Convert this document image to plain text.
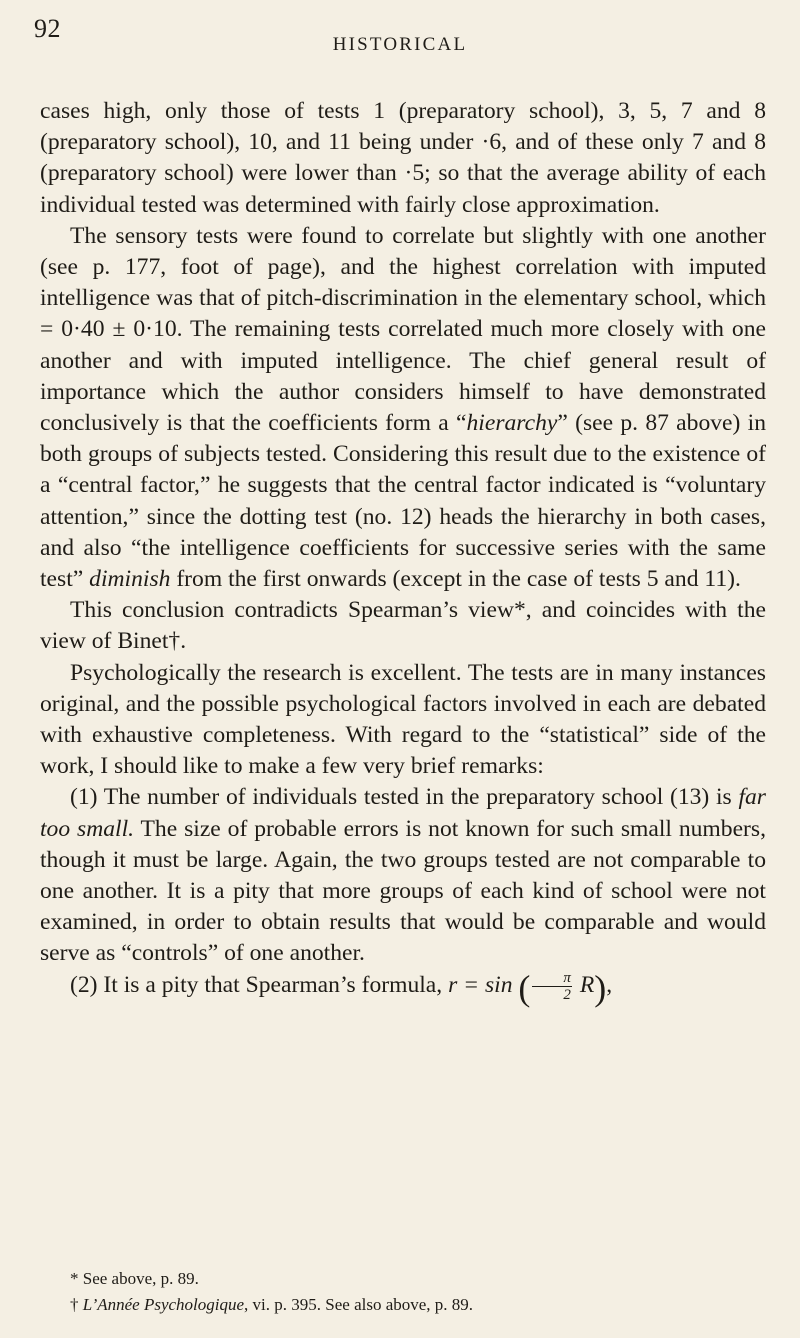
92
HISTORICAL

cases high, only those of tests 1 (preparatory school), 3, 5, 7 and 8 (preparatory school), 10, and 11 being under ·6, and of these only 7 and 8 (preparatory school) were lower than ·5; so that the average ability of each individual tested was determined with fairly close approximation.

The sensory tests were found to correlate but slightly with one another (see p. 177, foot of page), and the highest correlation with imputed intelligence was that of pitch-discrimination in the elementary school, which = 0·40 ± 0·10. The remaining tests correlated much more closely with one another and with imputed intelligence. The chief general result of importance which the author considers himself to have demonstrated conclusively is that the coefficients form a “hierarchy” (see p. 87 above) in both groups of subjects tested. Considering this result due to the existence of a “central factor,” he suggests that the central factor indicated is “voluntary attention,” since the dotting test (no. 12) heads the hierarchy in both cases, and also “the intelligence coefficients for successive series with the same test” diminish from the first onwards (except in the case of tests 5 and 11).

This conclusion contradicts Spearman’s view*, and coincides with the view of Binet†.

Psychologically the research is excellent. The tests are in many instances original, and the possible psychological factors involved in each are debated with exhaustive completeness. With regard to the “statistical” side of the work, I should like to make a few very brief remarks:

(1) The number of individuals tested in the preparatory school (13) is far too small. The size of probable errors is not known for such small numbers, though it must be large. Again, the two groups tested are not comparable to one another. It is a pity that more groups of each kind of school were not examined, in order to obtain results that would be comparable and would serve as “controls” of one another.

(2) It is a pity that Spearman’s formula, r = sin ( $\frac{\pi}{2} R$),

* See above, p. 89.

† L’Année Psychologique, vi. p. 395. See also above, p. 89.
